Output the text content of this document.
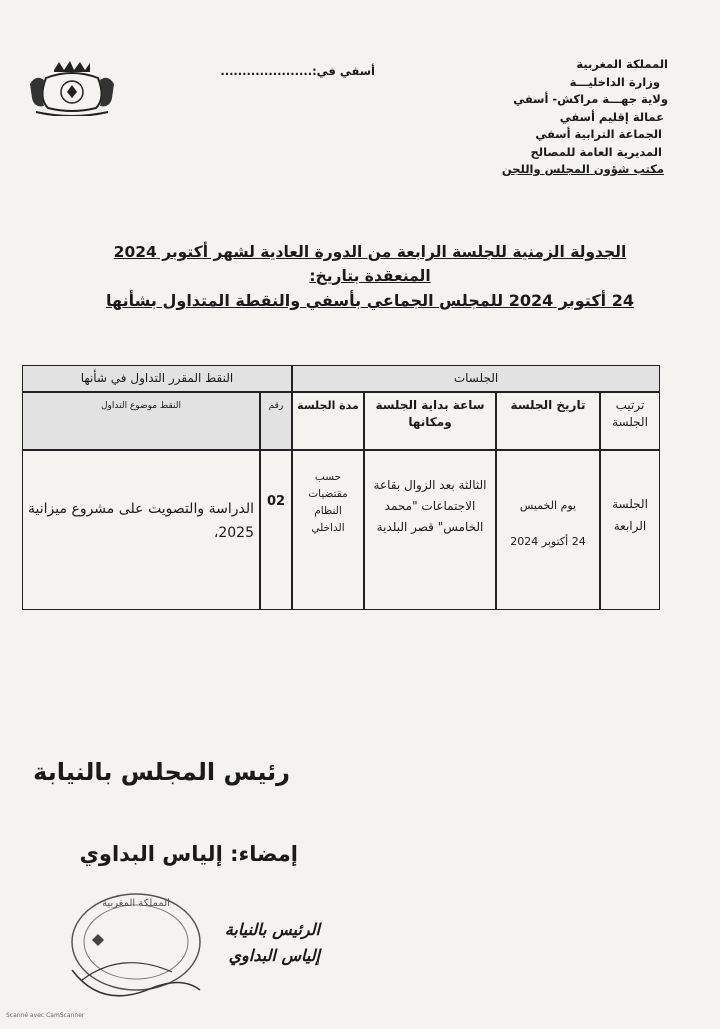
المملكة المغربية
وزارة الداخليـــة
ولاية جهـــة مراكش- أسفي
عمالة إقليم أسفي
الجماعة الترابية أسفي
المديرية العامة للمصالح
مكتب شؤون المجلس واللجن
أسفي في:.....................
الجدولة الزمنية للجلسة الرابعة من الدورة العادية لشهر أكتوبر 2024
المنعقدة بتاريخ:
24 أكتوبر 2024 للمجلس الجماعي بأسفي والنقطة المتداول بشأنها
الجلسات
النقط المقرر التداول في شأنها
ترتيب الجلسة
تاريخ الجلسة
ساعة بداية الجلسة ومكانها
مدة الجلسة
رقم
النقط موضوع التداول
الجلسة الرابعة
يوم الخميس
24 أكتوبر 2024
الثالثة بعد الزوال بقاعة الاجتماعات "محمد الخامس" قصر البلدية
حسب مقتضيات النظام الداخلي
02
الدراسة والتصويت على مشروع ميزانية 2025،
رئيس المجلس بالنيابة
إمضاء: إلياس البداوي
المملكة المغربية
الرئيس بالنيابة
إلياس البداوي
Scanné avec CamScanner
